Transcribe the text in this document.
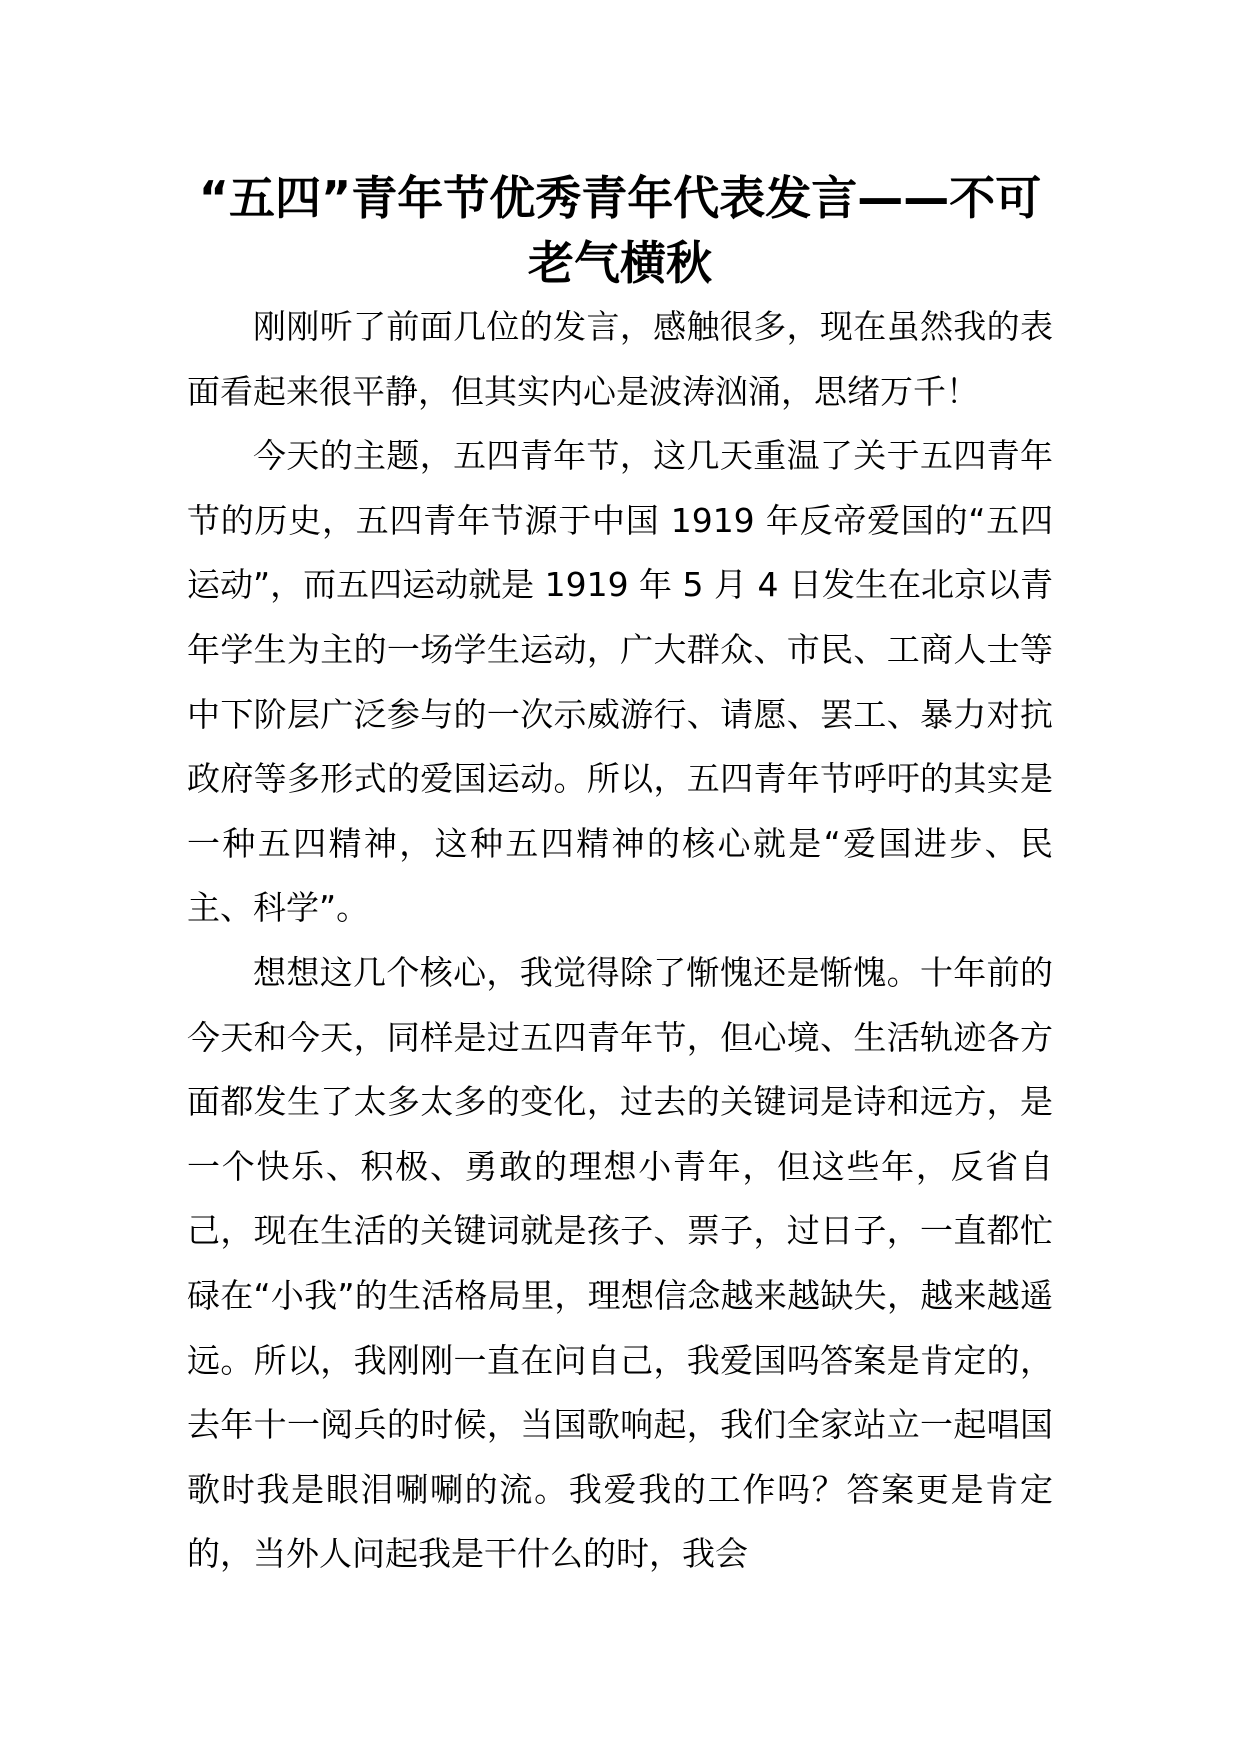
“五四”青年节优秀青年代表发言——不可老气横秋

刚刚听了前面几位的发言，感触很多，现在虽然我的表面看起来很平静，但其实内心是波涛汹涌，思绪万千！

今天的主题，五四青年节，这几天重温了关于五四青年节的历史，五四青年节源于中国 1919 年反帝爱国的“五四运动”，而五四运动就是 1919 年 5 月 4 日发生在北京以青年学生为主的一场学生运动，广大群众、市民、工商人士等中下阶层广泛参与的一次示威游行、请愿、罢工、暴力对抗政府等多形式的爱国运动。所以，五四青年节呼吁的其实是一种五四精神，这种五四精神的核心就是“爱国进步、民主、科学”。

想想这几个核心，我觉得除了惭愧还是惭愧。十年前的今天和今天，同样是过五四青年节，但心境、生活轨迹各方面都发生了太多太多的变化，过去的关键词是诗和远方，是一个快乐、积极、勇敢的理想小青年，但这些年，反省自己，现在生活的关键词就是孩子、票子，过日子，一直都忙碌在“小我”的生活格局里，理想信念越来越缺失，越来越遥远。所以，我刚刚一直在问自己，我爱国吗答案是肯定的，去年十一阅兵的时候，当国歌响起，我们全家站立一起唱国歌时我是眼泪唰唰的流。我爱我的工作吗？答案更是肯定的，当外人问起我是干什么的时，我会
